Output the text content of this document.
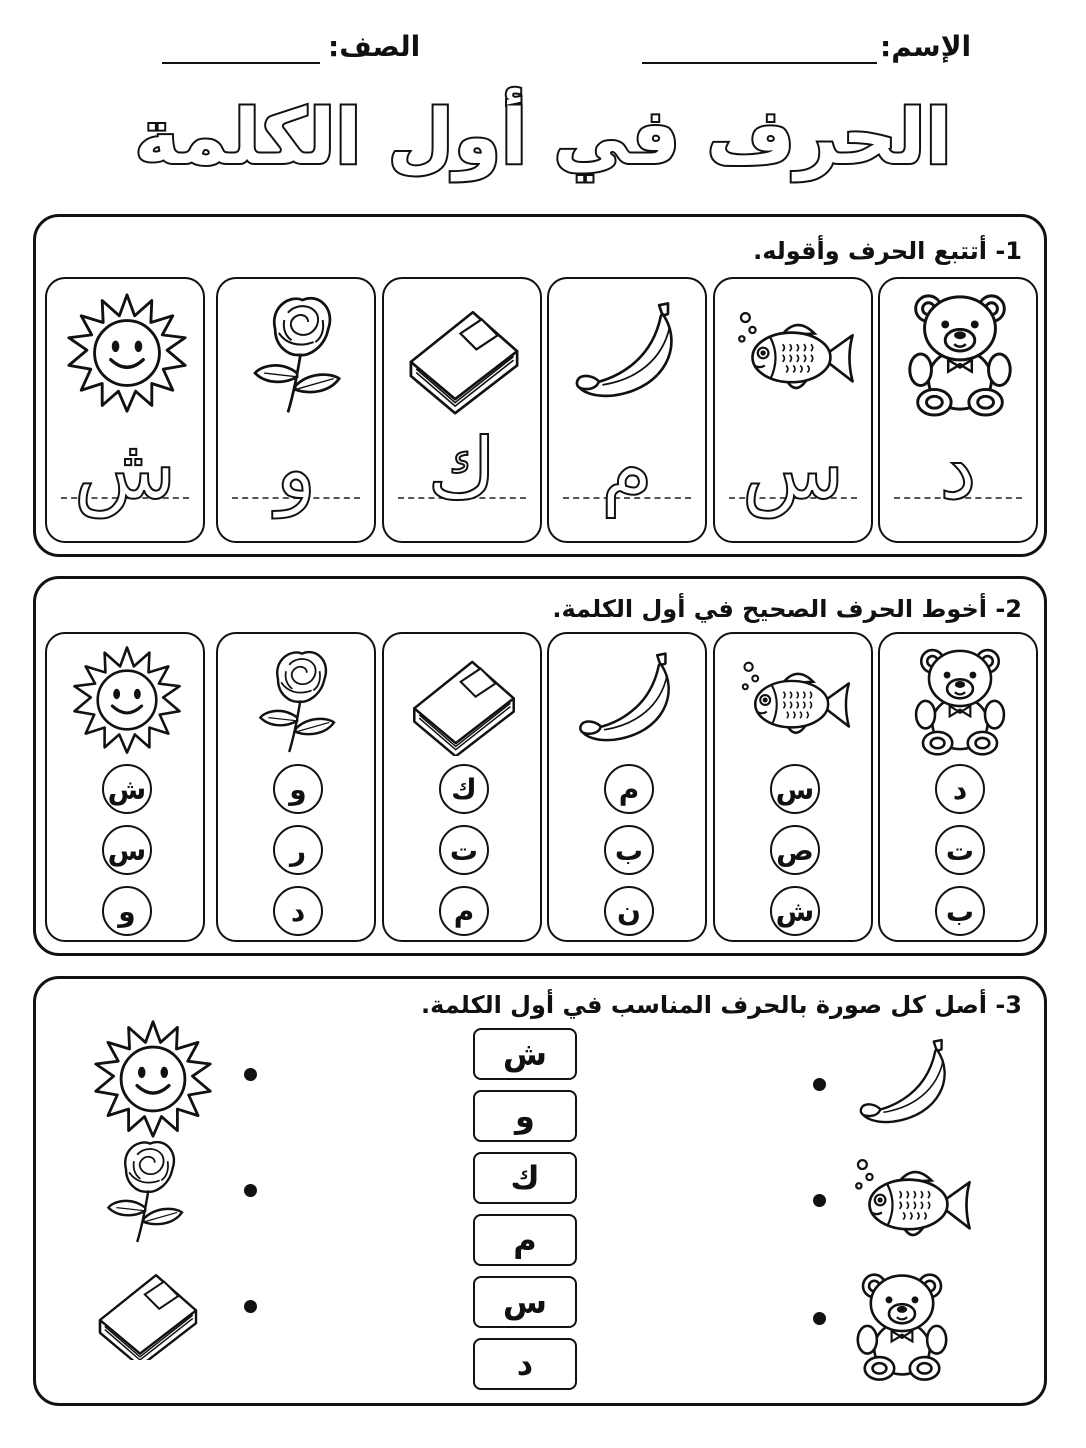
الإسم:
الصف:
الحرف في أول الكلمة
1- أتتبع الحرف وأقوله.
د
س
م
ك
و
ش
2- أخوط الحرف الصحيح في أول الكلمة.
د
ت
ب
س
ص
ش
م
ب
ن
ك
ت
م
و
ر
د
ش
س
و
3- أصل كل صورة بالحرف المناسب في أول الكلمة.
ش
و
ك
م
س
د
